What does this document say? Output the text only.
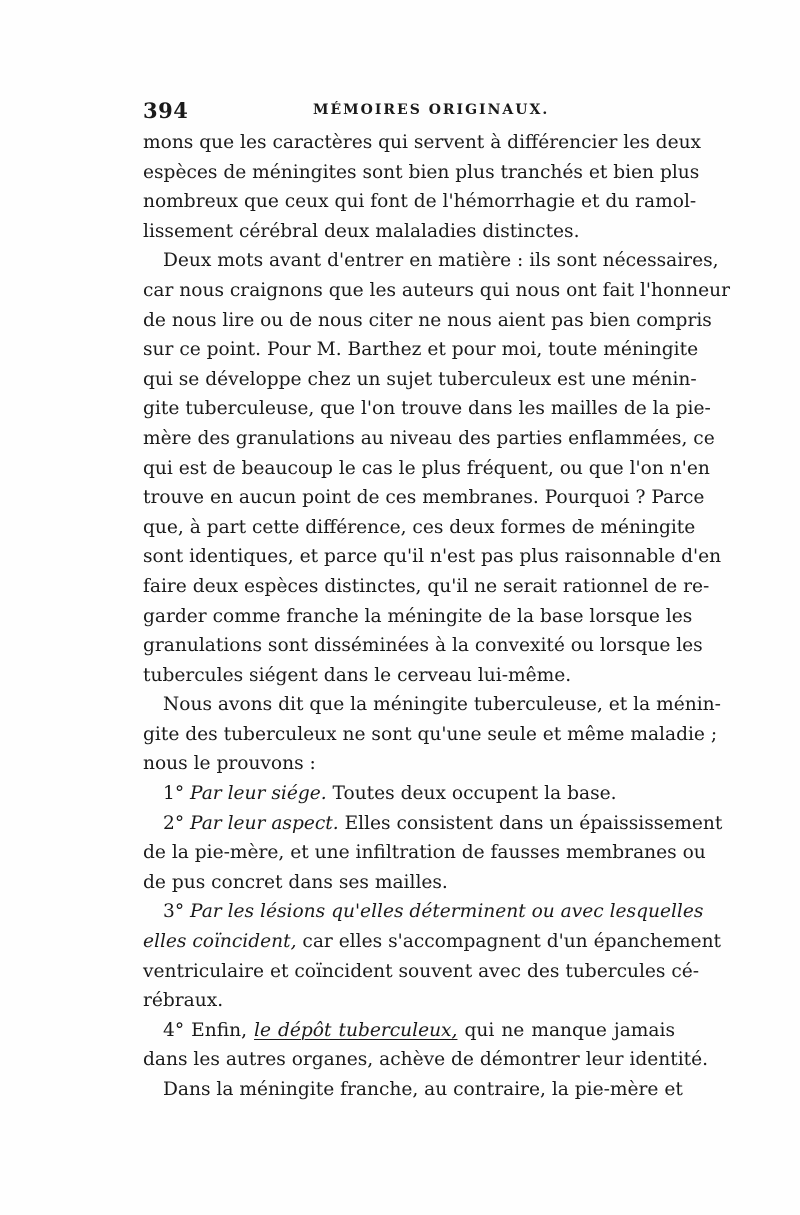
394	MÉMOIRES ORIGINAUX.
mons que les caractères qui servent à différencier les deux
espèces de méningites sont bien plus tranchés et bien plus
nombreux que ceux qui font de l'hémorrhagie et du ramol-
lissement cérébral deux malaladies distinctes.
Deux mots avant d'entrer en matière : ils sont nécessaires,
car nous craignons que les auteurs qui nous ont fait l'honneur
de nous lire ou de nous citer ne nous aient pas bien compris
sur ce point. Pour M. Barthez et pour moi, toute méningite
qui se développe chez un sujet tuberculeux est une ménin-
gite tuberculeuse, que l'on trouve dans les mailles de la pie-
mère des granulations au niveau des parties enflammées, ce
qui est de beaucoup le cas le plus fréquent, ou que l'on n'en
trouve en aucun point de ces membranes. Pourquoi ? Parce
que, à part cette différence, ces deux formes de méningite
sont identiques, et parce qu'il n'est pas plus raisonnable d'en
faire deux espèces distinctes, qu'il ne serait rationnel de re-
garder comme franche la méningite de la base lorsque les
granulations sont disséminées à la convexité ou lorsque les
tubercules siégent dans le cerveau lui-même.
Nous avons dit que la méningite tuberculeuse, et la ménin-
gite des tuberculeux ne sont qu'une seule et même maladie ;
nous le prouvons :
1° Par leur siége. Toutes deux occupent la base.
2° Par leur aspect. Elles consistent dans un épaississement
de la pie-mère, et une infiltration de fausses membranes ou
de pus concret dans ses mailles.
3° Par les lésions qu'elles déterminent ou avec lesquelles
elles coïncident, car elles s'accompagnent d'un épanchement
ventriculaire et coïncident souvent avec des tubercules cé-
rébraux.
4° Enfin, le dépôt tuberculeux, qui ne manque jamais
dans les autres organes, achève de démontrer leur identité.
Dans la méningite franche, au contraire, la pie-mère et
